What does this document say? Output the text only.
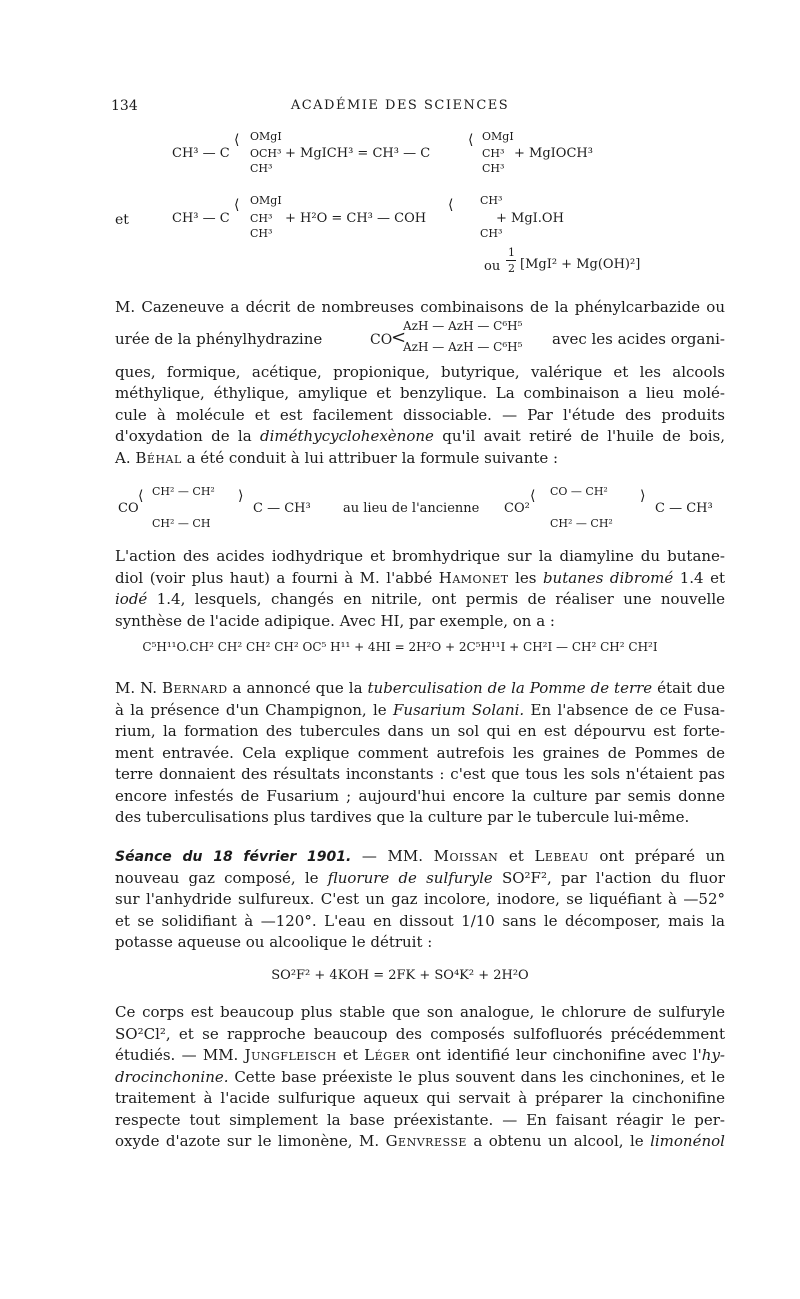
134	ACADÉMIE DES SCIENCES
OMgI
CH³ — C
⟨
OCH³
CH³
+ MgICH³ = CH³ — C
⟨ OMgI
CH³
CH³
+ MgIOCH³
et
OMgI
CH³ — C
⟨
CH³
CH³
+ H²O = CH³ — COH
⟨ CH³
CH³
+ MgI.OH
ou
1
2 [MgI² + Mg(OH)²]
M. Cazeneuve a décrit de nombreuses combinaisons de la phénylcarbazide ou
urée de la phénylhydrazine	CO
<
AzH — AzH — C⁶H⁵
AzH — AzH — C⁶H⁵ avec les acides organi-
ques, formique, acétique, propionique, butyrique, valérique et les alcools
méthylique, éthylique, amylique et benzylique. La combinaison a lieu molé-
cule à molécule et est facilement dissociable. — Par l'étude des produits
d'oxydation de la diméthycyclohexènone qu'il avait retiré de l'huile de bois,
A. Béhal a été conduit à lui attribuer la formule suivante :
CO
⟨ CH² — CH²
CH² — CH
⟩
C — CH³ au lieu de l'ancienne CO²
⟨ CO — CH²
CH² — CH²
⟩
C — CH³
L'action des acides iodhydrique et bromhydrique sur la diamyline du butane-
diol (voir plus haut) a fourni à M. l'abbé Hamonet les butanes dibromé 1.4 et
iodé 1.4, lesquels, changés en nitrile, ont permis de réaliser une nouvelle
synthèse de l'acide adipique. Avec HI, par exemple, on a :
C⁵H¹¹O.CH² CH² CH² CH² OC⁵ H¹¹ + 4HI = 2H²O + 2C⁵H¹¹I + CH²I — CH² CH² CH²I
M. N. Bernard a annoncé que la tuberculisation de la Pomme de terre était due
à la présence d'un Champignon, le Fusarium Solani. En l'absence de ce Fusa-
rium, la formation des tubercules dans un sol qui en est dépourvu est forte-
ment entravée. Cela explique comment autrefois les graines de Pommes de
terre donnaient des résultats inconstants : c'est que tous les sols n'étaient pas
encore infestés de Fusarium ; aujourd'hui encore la culture par semis donne
des tuberculisations plus tardives que la culture par le tubercule lui-même.
Séance du 18 février 1901. — MM. Moissan et Lebeau ont préparé un
nouveau gaz composé, le fluorure de sulfuryle SO²F², par l'action du fluor
sur l'anhydride sulfureux. C'est un gaz incolore, inodore, se liquéfiant à —52°
et se solidifiant à —120°. L'eau en dissout 1/10 sans le décomposer, mais la
potasse aqueuse ou alcoolique le détruit :
SO²F² + 4KOH = 2FK + SO⁴K² + 2H²O
Ce corps est beaucoup plus stable que son analogue, le chlorure de sulfuryle
SO²Cl², et se rapproche beaucoup des composés sulfofluorés précédemment
étudiés. — MM. Jungfleisch et Léger ont identifié leur cinchonifine avec l'hy-
drocinchonine. Cette base préexiste le plus souvent dans les cinchonines, et le
traitement à l'acide sulfurique aqueux qui servait à préparer la cinchonifine
respecte tout simplement la base préexistante. — En faisant réagir le per-
oxyde d'azote sur le limonène, M. Genvresse a obtenu un alcool, le limonénol
